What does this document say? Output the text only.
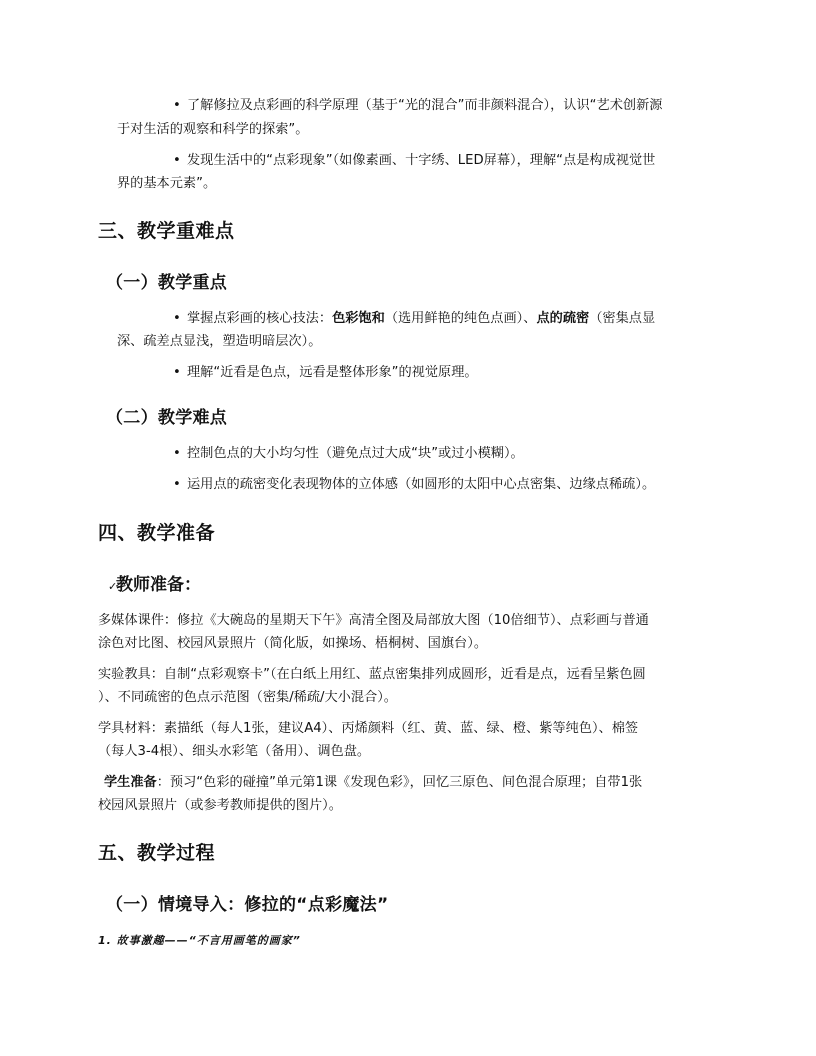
• 了解修拉及点彩画的科学原理（基于“光的混合”而非颜料混合），认识“艺术创新源
于对生活的观察和科学的探索”。
• 发现生活中的“点彩现象”（如像素画、十字绣、LED屏幕），理解“点是构成视觉世
界的基本元素”。
三、教学重难点
（一）教学重点
• 掌握点彩画的核心技法：色彩饱和（选用鲜艳的纯色点画）、点的疏密（密集点显
深、疏差点显浅，塑造明暗层次）。
• 理解“近看是色点，远看是整体形象”的视觉原理。
（二）教学难点
• 控制色点的大小均匀性（避免点过大成“块”或过小模糊）。
• 运用点的疏密变化表现物体的立体感（如圆形的太阳中心点密集、边缘点稀疏）。
四、教学准备
✓教师准备：
多媒体课件：修拉《大碗岛的星期天下午》高清全图及局部放大图（10倍细节）、点彩画与普通
涂色对比图、校园风景照片（简化版，如操场、梧桐树、国旗台）。
实验教具：自制“点彩观察卡”（在白纸上用红、蓝点密集排列成圆形，近看是点，远看呈紫色圆
）、不同疏密的色点示范图（密集/稀疏/大小混合）。
学具材料：素描纸（每人1张，建议A4）、丙烯颜料（红、黄、蓝、绿、橙、紫等纯色）、棉签
（每人3-4根）、细头水彩笔（备用）、调色盘。
学生准备：预习“色彩的碰撞”单元第1课《发现色彩》，回忆三原色、间色混合原理；自带1张
校园风景照片（或参考教师提供的图片）。
五、教学过程
（一）情境导入：修拉的“点彩魔法”
1. 故事激趣——“不言用画笔的画家”
